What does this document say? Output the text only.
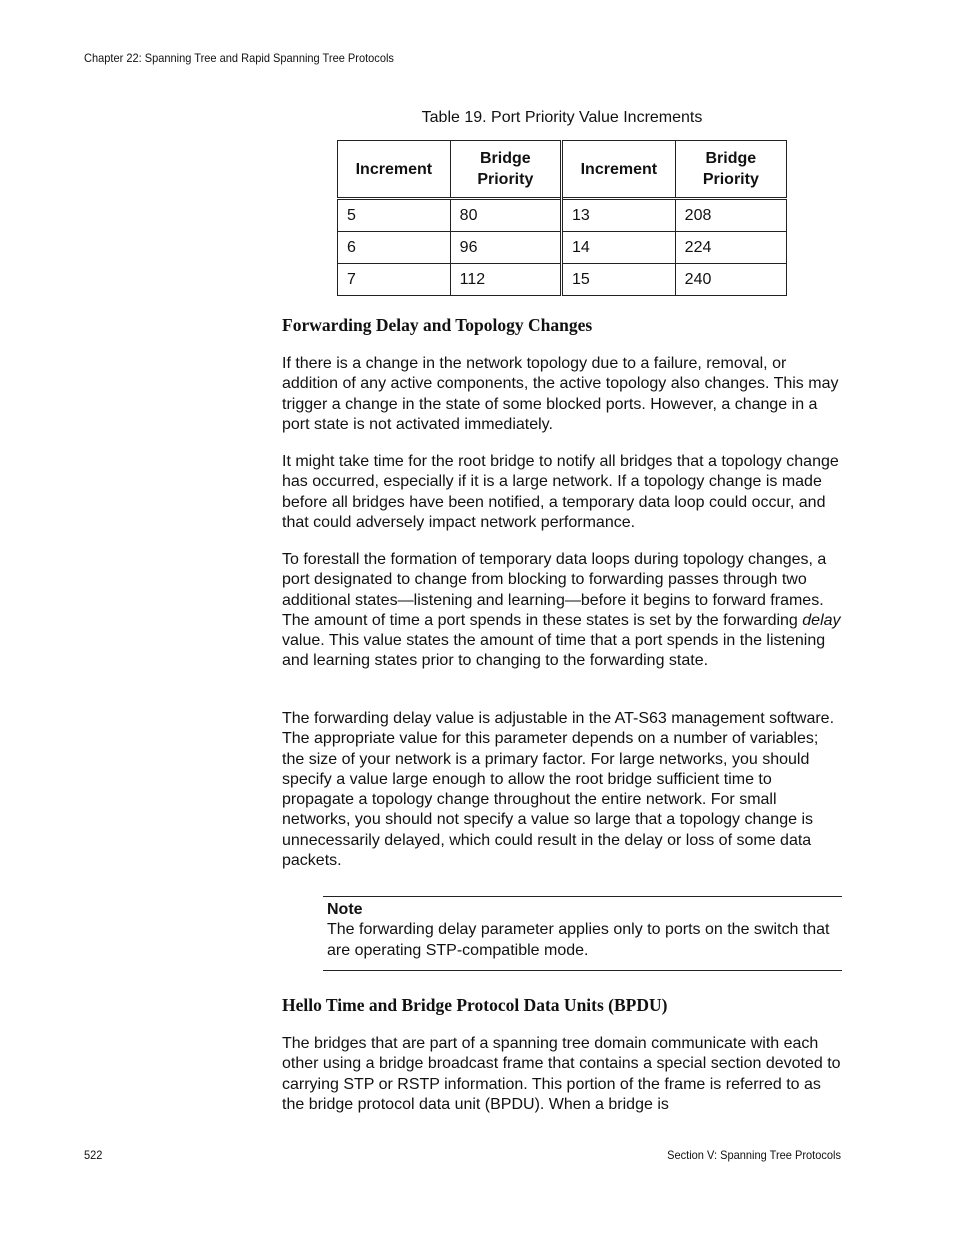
Chapter 22: Spanning Tree and Rapid Spanning Tree Protocols
Table 19. Port Priority Value Increments
Increment	Bridge Priority	Increment	Bridge Priority
5	80	13	208
6	96	14	224
7	112	15	240
Forwarding Delay and Topology Changes

If there is a change in the network topology due to a failure, removal, or addition of any active components, the active topology also changes. This may trigger a change in the state of some blocked ports. However, a change in a port state is not activated immediately.

It might take time for the root bridge to notify all bridges that a topology change has occurred, especially if it is a large network. If a topology change is made before all bridges have been notified, a temporary data loop could occur, and that could adversely impact network performance.

To forestall the formation of temporary data loops during topology changes, a port designated to change from blocking to forwarding passes through two additional states—listening and learning—before it begins to forward frames. The amount of time a port spends in these states is set by the forwarding delay value. This value states the amount of time that a port spends in the listening and learning states prior to changing to the forwarding state.

The forwarding delay value is adjustable in the AT-S63 management software. The appropriate value for this parameter depends on a number of variables; the size of your network is a primary factor. For large networks, you should specify a value large enough to allow the root bridge sufficient time to propagate a topology change throughout the entire network. For small networks, you should not specify a value so large that a topology change is unnecessarily delayed, which could result in the delay or loss of some data packets.

Note

The forwarding delay parameter applies only to ports on the switch that are operating STP-compatible mode.

Hello Time and Bridge Protocol Data Units (BPDU)

The bridges that are part of a spanning tree domain communicate with each other using a bridge broadcast frame that contains a special section devoted to carrying STP or RSTP information. This portion of the frame is referred to as the bridge protocol data unit (BPDU). When a bridge is

522	Section V: Spanning Tree Protocols
